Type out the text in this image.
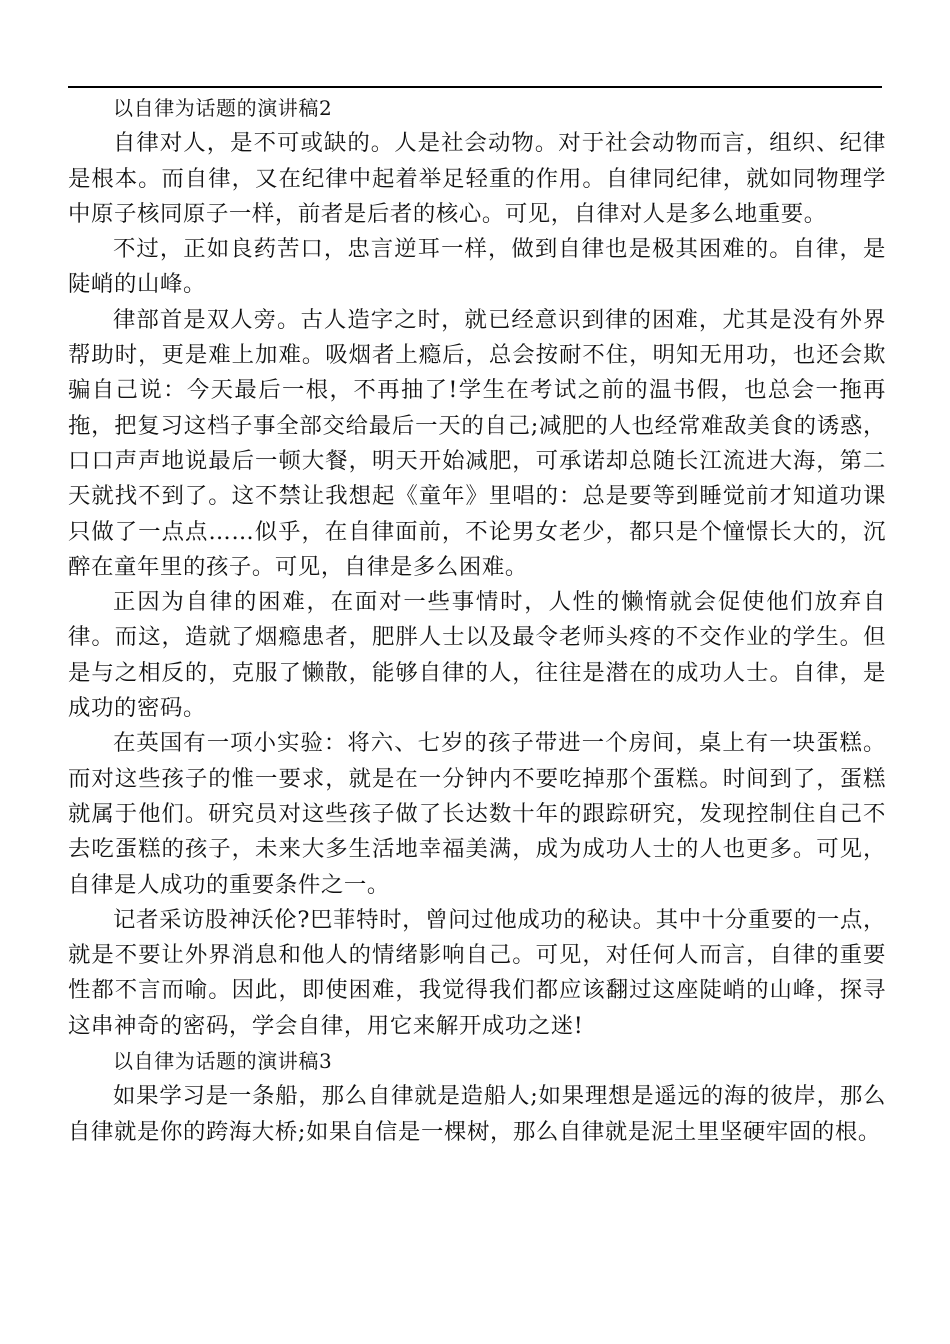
以自律为话题的演讲稿2

自律对人，是不可或缺的。人是社会动物。对于社会动物而言，组织、纪律是根本。而自律，又在纪律中起着举足轻重的作用。自律同纪律，就如同物理学中原子核同原子一样，前者是后者的核心。可见，自律对人是多么地重要。

不过，正如良药苦口，忠言逆耳一样，做到自律也是极其困难的。自律，是陡峭的山峰。

律部首是双人旁。古人造字之时，就已经意识到律的困难，尤其是没有外界帮助时，更是难上加难。吸烟者上瘾后，总会按耐不住，明知无用功，也还会欺骗自己说：今天最后一根，不再抽了!学生在考试之前的温书假，也总会一拖再拖，把复习这档子事全部交给最后一天的自己;减肥的人也经常难敌美食的诱惑，口口声声地说最后一顿大餐，明天开始减肥，可承诺却总随长江流进大海，第二天就找不到了。这不禁让我想起《童年》里唱的：总是要等到睡觉前才知道功课只做了一点点……似乎，在自律面前，不论男女老少，都只是个憧憬长大的，沉醉在童年里的孩子。可见，自律是多么困难。

正因为自律的困难，在面对一些事情时，人性的懒惰就会促使他们放弃自律。而这，造就了烟瘾患者，肥胖人士以及最令老师头疼的不交作业的学生。但是与之相反的，克服了懒散，能够自律的人，往往是潜在的成功人士。自律，是成功的密码。

在英国有一项小实验：将六、七岁的孩子带进一个房间，桌上有一块蛋糕。而对这些孩子的惟一要求，就是在一分钟内不要吃掉那个蛋糕。时间到了，蛋糕就属于他们。研究员对这些孩子做了长达数十年的跟踪研究，发现控制住自己不去吃蛋糕的孩子，未来大多生活地幸福美满，成为成功人士的人也更多。可见，自律是人成功的重要条件之一。

记者采访股神沃伦?巴菲特时，曾问过他成功的秘诀。其中十分重要的一点，就是不要让外界消息和他人的情绪影响自己。可见，对任何人而言，自律的重要性都不言而喻。因此，即使困难，我觉得我们都应该翻过这座陡峭的山峰，探寻这串神奇的密码，学会自律，用它来解开成功之迷!

以自律为话题的演讲稿3

如果学习是一条船，那么自律就是造船人;如果理想是遥远的海的彼岸，那么自律就是你的跨海大桥;如果自信是一棵树，那么自律就是泥土里坚硬牢固的根。
